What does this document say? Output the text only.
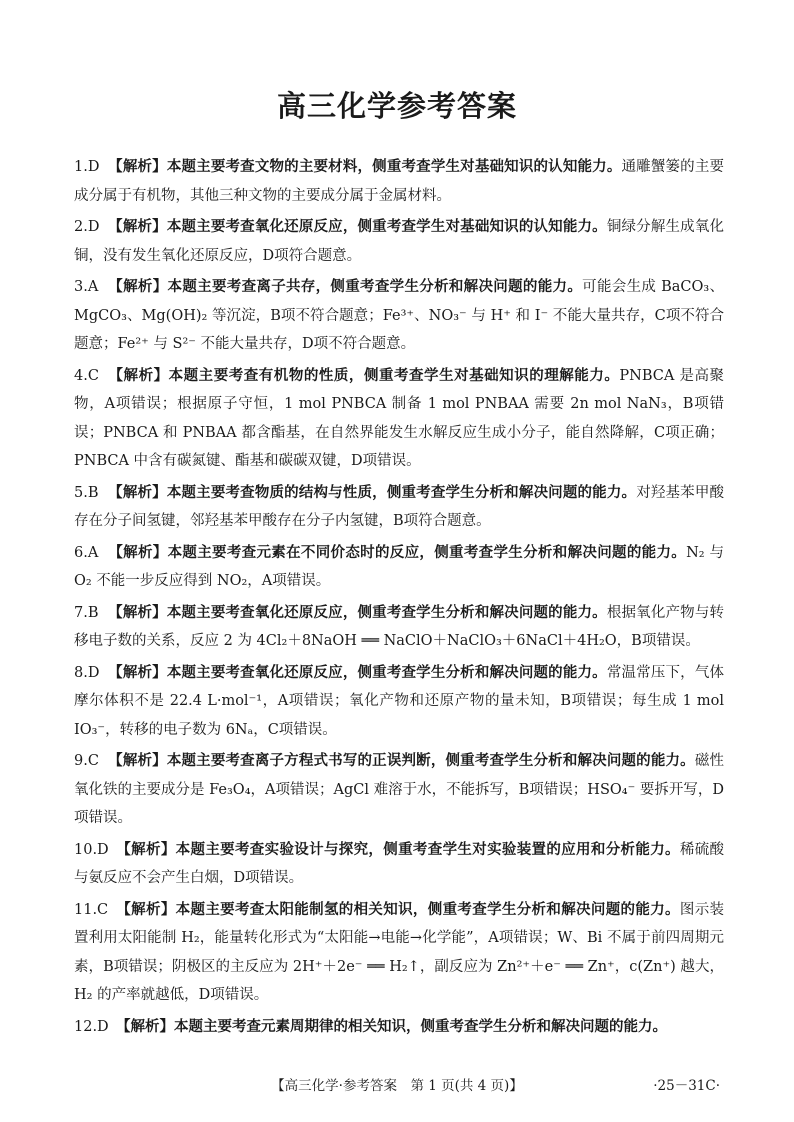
高三化学参考答案
1.D 【解析】本题主要考查文物的主要材料，侧重考查学生对基础知识的认知能力。通雕蟹篓的主要成分属于有机物，其他三种文物的主要成分属于金属材料。
2.D 【解析】本题主要考查氧化还原反应，侧重考查学生对基础知识的认知能力。铜绿分解生成氧化铜，没有发生氧化还原反应，D项符合题意。
3.A 【解析】本题主要考查离子共存，侧重考查学生分析和解决问题的能力。可能会生成 BaCO₃、MgCO₃、Mg(OH)₂ 等沉淀，B项不符合题意；Fe³⁺、NO₃⁻ 与 H⁺ 和 I⁻ 不能大量共存，C项不符合题意；Fe²⁺ 与 S²⁻ 不能大量共存，D项不符合题意。
4.C 【解析】本题主要考查有机物的性质，侧重考查学生对基础知识的理解能力。PNBCA 是高聚物，A项错误；根据原子守恒，1 mol PNBCA 制备 1 mol PNBAA 需要 2n mol NaN₃，B项错误；PNBCA 和 PNBAA 都含酯基，在自然界能发生水解反应生成小分子，能自然降解，C项正确；PNBCA 中含有碳氮键、酯基和碳碳双键，D项错误。
5.B 【解析】本题主要考查物质的结构与性质，侧重考查学生分析和解决问题的能力。对羟基苯甲酸存在分子间氢键，邻羟基苯甲酸存在分子内氢键，B项符合题意。
6.A 【解析】本题主要考查元素在不同价态时的反应，侧重考查学生分析和解决问题的能力。N₂ 与 O₂ 不能一步反应得到 NO₂，A项错误。
7.B 【解析】本题主要考查氧化还原反应，侧重考查学生分析和解决问题的能力。根据氧化产物与转移电子数的关系，反应 2 为 4Cl₂＋8NaOH ══ NaClO＋NaClO₃＋6NaCl＋4H₂O，B项错误。
8.D 【解析】本题主要考查氧化还原反应，侧重考查学生分析和解决问题的能力。常温常压下，气体摩尔体积不是 22.4 L·mol⁻¹，A项错误；氧化产物和还原产物的量未知，B项错误；每生成 1 mol IO₃⁻，转移的电子数为 6Nₐ，C项错误。
9.C 【解析】本题主要考查离子方程式书写的正误判断，侧重考查学生分析和解决问题的能力。磁性氧化铁的主要成分是 Fe₃O₄，A项错误；AgCl 难溶于水，不能拆写，B项错误；HSO₄⁻ 要拆开写，D项错误。
10.D 【解析】本题主要考查实验设计与探究，侧重考查学生对实验装置的应用和分析能力。稀硫酸与氨反应不会产生白烟，D项错误。
11.C 【解析】本题主要考查太阳能制氢的相关知识，侧重考查学生分析和解决问题的能力。图示装置利用太阳能制 H₂，能量转化形式为“太阳能→电能→化学能”，A项错误；W、Bi 不属于前四周期元素，B项错误；阴极区的主反应为 2H⁺＋2e⁻ ══ H₂↑，副反应为 Zn²⁺＋e⁻ ══ Zn⁺，c(Zn⁺) 越大，H₂ 的产率就越低，D项错误。
12.D 【解析】本题主要考查元素周期律的相关知识，侧重考查学生分析和解决问题的能力。
【高三化学·参考答案　第 1 页(共 4 页)】	·25－31C·
